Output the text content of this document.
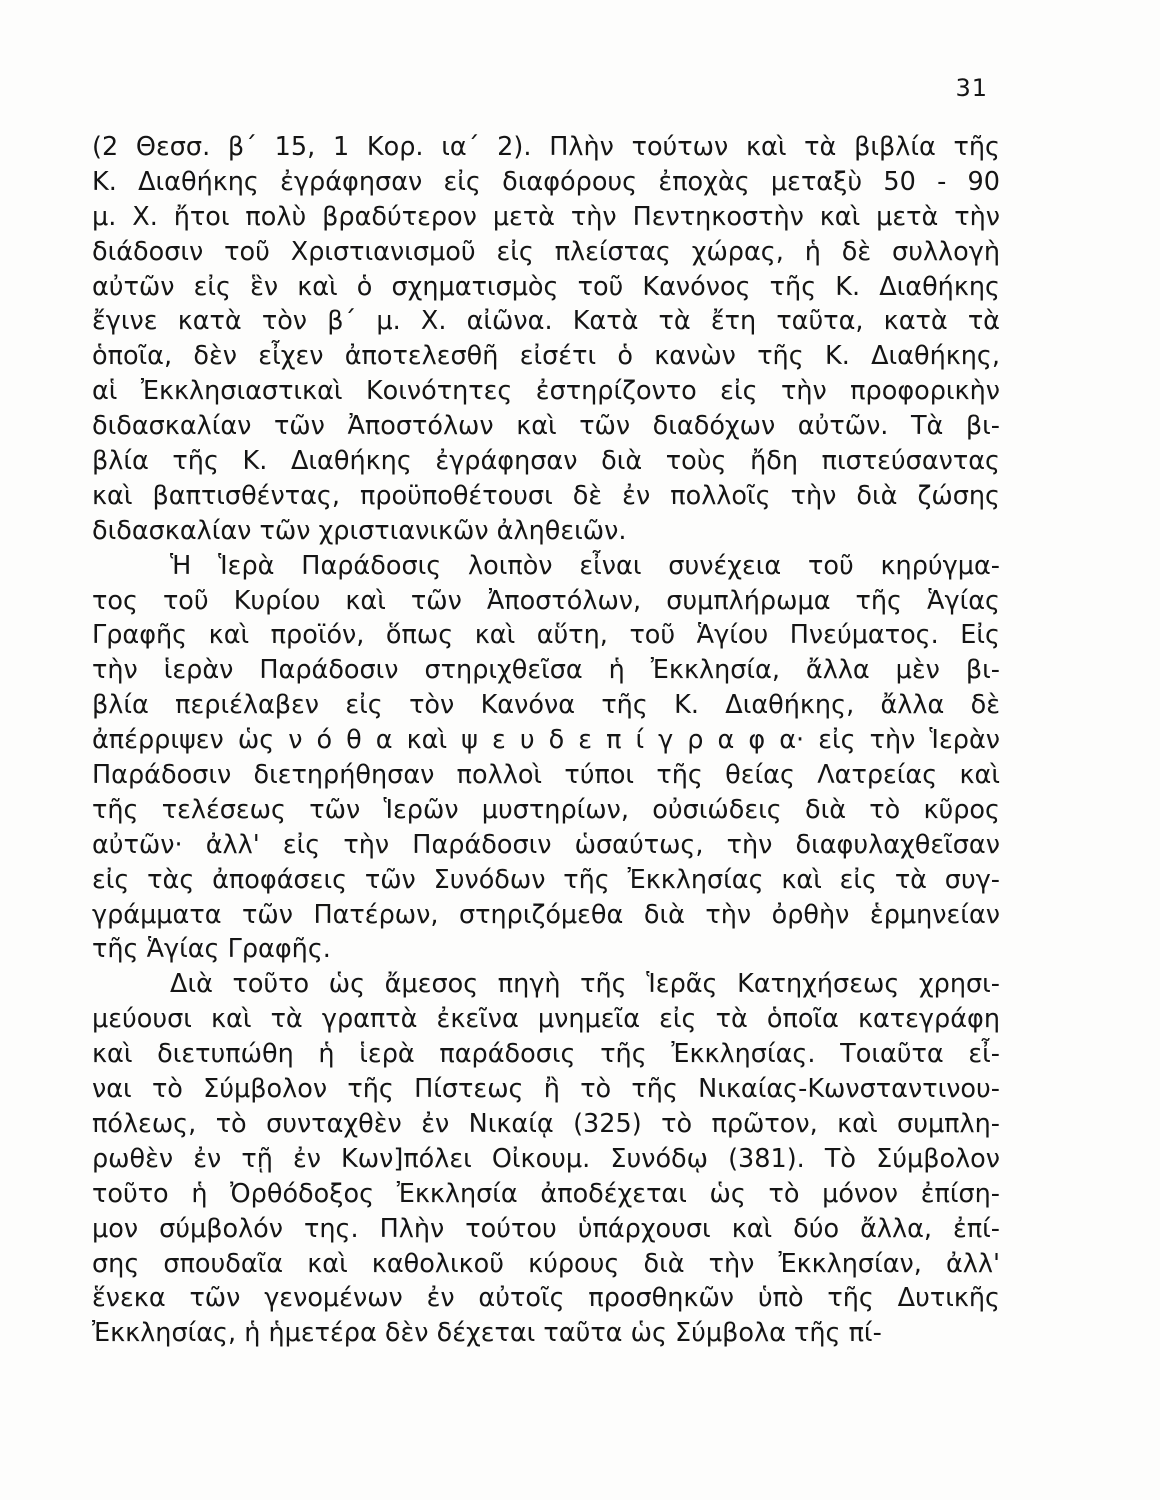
31
(2 Θεσσ. β΄ 15, 1 Κορ. ια΄ 2). Πλὴν τούτων καὶ τὰ βιβλία τῆς
Κ. Διαθήκης ἐγράφησαν εἰς διαφόρους ἐποχὰς μεταξὺ 50 - 90
μ. Χ. ἤτοι πολὺ βραδύτερον μετὰ τὴν Πεντηκοστὴν καὶ μετὰ τὴν
διάδοσιν τοῦ Χριστιανισμοῦ εἰς πλείστας χώρας, ἡ δὲ συλλογὴ
αὐτῶν εἰς ἓν καὶ ὁ σχηματισμὸς τοῦ Κανόνος τῆς Κ. Διαθήκης
ἔγινε κατὰ τὸν β΄ μ. Χ. αἰῶνα. Κατὰ τὰ ἔτη ταῦτα, κατὰ τὰ
ὁποῖα, δὲν εἶχεν ἀποτελεσθῆ εἰσέτι ὁ κανὼν τῆς Κ. Διαθήκης,
αἱ Ἐκκλησιαστικαὶ Κοινότητες ἐστηρίζοντο εἰς τὴν προφορικὴν
διδασκαλίαν τῶν Ἀποστόλων καὶ τῶν διαδόχων αὐτῶν. Τὰ βι-
βλία τῆς Κ. Διαθήκης ἐγράφησαν διὰ τοὺς ἤδη πιστεύσαντας
καὶ βαπτισθέντας, προϋποθέτουσι δὲ ἐν πολλοῖς τὴν διὰ ζώσης
διδασκαλίαν τῶν χριστιανικῶν ἀληθειῶν.
Ἡ Ἱερὰ Παράδοσις λοιπὸν εἶναι συνέχεια τοῦ κηρύγμα-
τος τοῦ Κυρίου καὶ τῶν Ἀποστόλων, συμπλήρωμα τῆς Ἁγίας
Γραφῆς καὶ προϊόν, ὅπως καὶ αὕτη, τοῦ Ἁγίου Πνεύματος. Εἰς
τὴν ἱερὰν Παράδοσιν στηριχθεῖσα ἡ Ἐκκλησία, ἄλλα μὲν βι-
βλία περιέλαβεν εἰς τὸν Κανόνα τῆς Κ. Διαθήκης, ἄλλα δὲ
ἀπέρριψεν ὡς ν ό θ α καὶ ψ ε υ δ ε π ί γ ρ α φ α· εἰς τὴν Ἱερὰν
Παράδοσιν διετηρήθησαν πολλοὶ τύποι τῆς θείας Λατρείας καὶ
τῆς τελέσεως τῶν Ἱερῶν μυστηρίων, οὐσιώδεις διὰ τὸ κῦρος
αὐτῶν· ἀλλ' εἰς τὴν Παράδοσιν ὡσαύτως, τὴν διαφυλαχθεῖσαν
εἰς τὰς ἀποφάσεις τῶν Συνόδων τῆς Ἐκκλησίας καὶ εἰς τὰ συγ-
γράμματα τῶν Πατέρων, στηριζόμεθα διὰ τὴν ὀρθὴν ἑρμηνείαν
τῆς Ἁγίας Γραφῆς.
Διὰ τοῦτο ὡς ἄμεσος πηγὴ τῆς Ἱερᾶς Κατηχήσεως χρησι-
μεύουσι καὶ τὰ γραπτὰ ἐκεῖνα μνημεῖα εἰς τὰ ὁποῖα κατεγράφη
καὶ διετυπώθη ἡ ἱερὰ παράδοσις τῆς Ἐκκλησίας. Τοιαῦτα εἶ-
ναι τὸ Σύμβολον τῆς Πίστεως ἢ τὸ τῆς Νικαίας-Κωνσταντινου-
πόλεως, τὸ συνταχθὲν ἐν Νικαίᾳ (325) τὸ πρῶτον, καὶ συμπλη-
ρωθὲν ἐν τῇ ἐν Κων]πόλει Οἰκουμ. Συνόδῳ (381). Τὸ Σύμβολον
τοῦτο ἡ Ὀρθόδοξος Ἐκκλησία ἀποδέχεται ὡς τὸ μόνον ἐπίση-
μον σύμβολόν της. Πλὴν τούτου ὑπάρχουσι καὶ δύο ἄλλα, ἐπί-
σης σπουδαῖα καὶ καθολικοῦ κύρους διὰ τὴν Ἐκκλησίαν, ἀλλ'
ἕνεκα τῶν γενομένων ἐν αὐτοῖς προσθηκῶν ὑπὸ τῆς Δυτικῆς
Ἐκκλησίας, ἡ ἡμετέρα δὲν δέχεται ταῦτα ὡς Σύμβολα τῆς πί-
